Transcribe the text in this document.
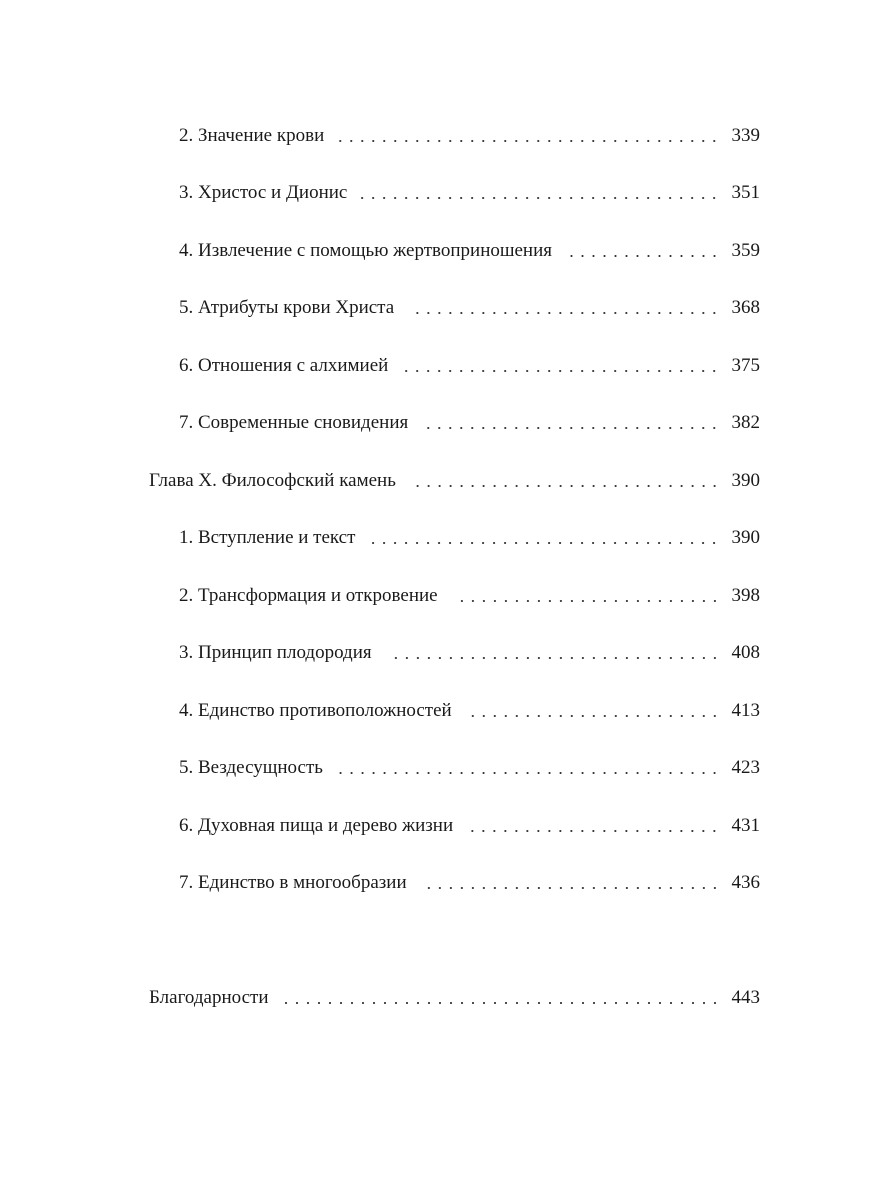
2. Значение крови	339
3. Христос и Дионис	351
4. Извлечение с помощью жертвоприношения	359
5. Атрибуты крови Христа	368
6. Отношения с алхимией	375
7. Современные сновидения	382
Глава X. Философский камень	390
1. Вступление и текст	390
2. Трансформация и откровение	398
3. Принцип плодородия	408
4. Единство противоположностей	413
5. Вездесущность	423
6. Духовная пища и дерево жизни	431
7. Единство в многообразии	436
Благодарности	443
